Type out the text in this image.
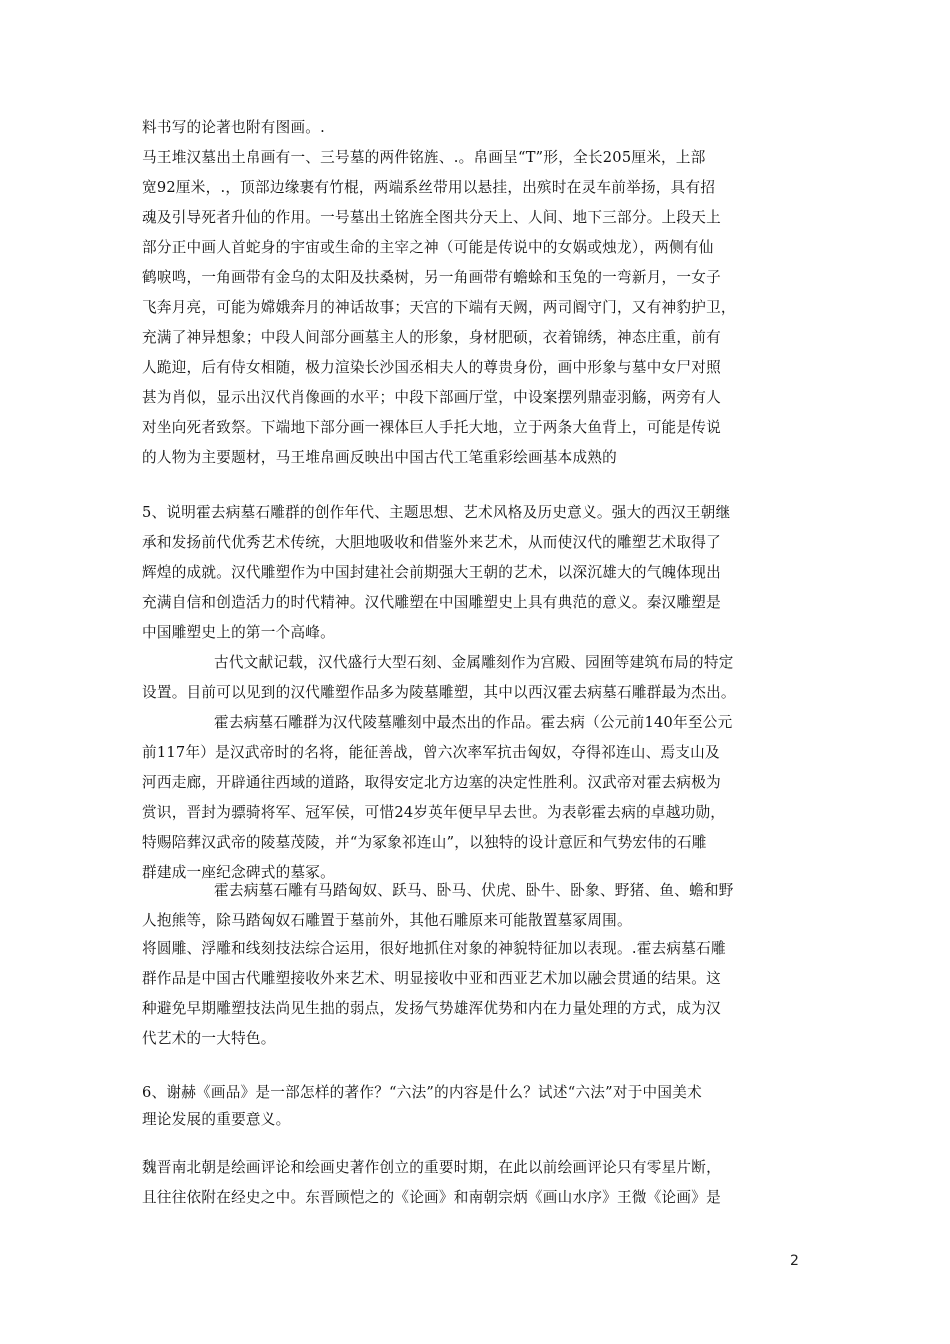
料书写的论著也附有图画。.
马王堆汉墓出土帛画有一、三号墓的两件铭旌、.。帛画呈“T”形，全长205厘米，上部
宽92厘米，.，顶部边缘裹有竹棍，两端系丝带用以悬挂，出殡时在灵车前举扬，具有招
魂及引导死者升仙的作用。一号墓出土铭旌全图共分天上、人间、地下三部分。上段天上
部分正中画人首蛇身的宇宙或生命的主宰之神（可能是传说中的女娲或烛龙），两侧有仙
鹤唳鸣，一角画带有金乌的太阳及扶桑树，另一角画带有蟾蜍和玉兔的一弯新月，一女子
飞奔月亮，可能为嫦娥奔月的神话故事；天宫的下端有天阙，两司阍守门，又有神豹护卫，
充满了神异想象；中段人间部分画墓主人的形象，身材肥硕，衣着锦绣，神态庄重，前有
人跪迎，后有侍女相随，极力渲染长沙国丞相夫人的尊贵身份，画中形象与墓中女尸对照
甚为肖似，显示出汉代肖像画的水平；中段下部画厅堂，中设案摆列鼎壶羽觞，两旁有人
对坐向死者致祭。下端地下部分画一裸体巨人手托大地，立于两条大鱼背上，可能是传说
的人物为主要题材，马王堆帛画反映出中国古代工笔重彩绘画基本成熟的
5、说明霍去病墓石雕群的创作年代、主题思想、艺术风格及历史意义。强大的西汉王朝继
承和发扬前代优秀艺术传统，大胆地吸收和借鉴外来艺术，从而使汉代的雕塑艺术取得了
辉煌的成就。汉代雕塑作为中国封建社会前期强大王朝的艺术，以深沉雄大的气魄体现出
充满自信和创造活力的时代精神。汉代雕塑在中国雕塑史上具有典范的意义。秦汉雕塑是
中国雕塑史上的第一个高峰。
古代文献记载，汉代盛行大型石刻、金属雕刻作为宫殿、园囿等建筑布局的特定
设置。目前可以见到的汉代雕塑作品多为陵墓雕塑，其中以西汉霍去病墓石雕群最为杰出。
霍去病墓石雕群为汉代陵墓雕刻中最杰出的作品。霍去病（公元前140年至公元
前117年）是汉武帝时的名将，能征善战，曾六次率军抗击匈奴，夺得祁连山、焉支山及
河西走廊，开辟通往西域的道路，取得安定北方边塞的决定性胜利。汉武帝对霍去病极为
赏识，晋封为骠骑将军、冠军侯，可惜24岁英年便早早去世。为表彰霍去病的卓越功勋，
特赐陪葬汉武帝的陵墓茂陵，并“为冢象祁连山”，以独特的设计意匠和气势宏伟的石雕
群建成一座纪念碑式的墓冢。
霍去病墓石雕有马踏匈奴、跃马、卧马、伏虎、卧牛、卧象、野猪、鱼、蟾和野
人抱熊等，除马踏匈奴石雕置于墓前外，其他石雕原来可能散置墓冢周围。
将圆雕、浮雕和线刻技法综合运用，很好地抓住对象的神貌特征加以表现。.霍去病墓石雕
群作品是中国古代雕塑接收外来艺术、明显接收中亚和西亚艺术加以融会贯通的结果。这
种避免早期雕塑技法尚见生拙的弱点，发扬气势雄浑优势和内在力量处理的方式，成为汉
代艺术的一大特色。
6、谢赫《画品》是一部怎样的著作？“六法”的内容是什么？试述“六法”对于中国美术
理论发展的重要意义。
魏晋南北朝是绘画评论和绘画史著作创立的重要时期，在此以前绘画评论只有零星片断，
且往往依附在经史之中。东晋顾恺之的《论画》和南朝宗炳《画山水序》王微《论画》是
2
